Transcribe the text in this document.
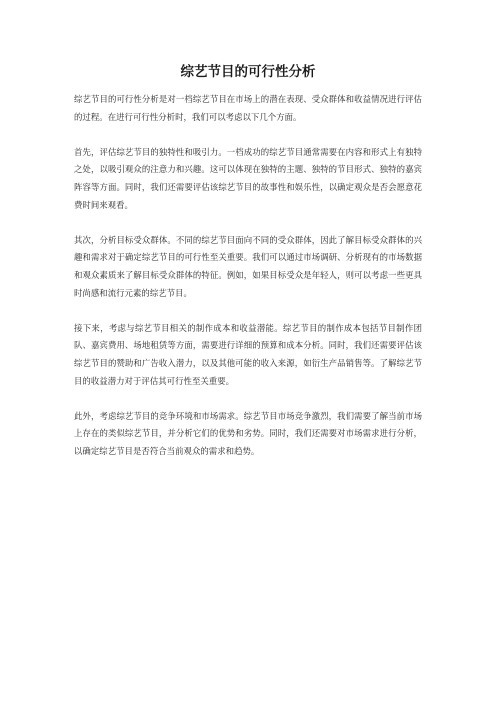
综艺节目的可行性分析

综艺节目的可行性分析是对一档综艺节目在市场上的潜在表现、受众群体和收益情况进行评估的过程。在进行可行性分析时，我们可以考虑以下几个方面。

首先，评估综艺节目的独特性和吸引力。一档成功的综艺节目通常需要在内容和形式上有独特之处，以吸引观众的注意力和兴趣。这可以体现在独特的主题、独特的节目形式、独特的嘉宾阵容等方面。同时，我们还需要评估该综艺节目的故事性和娱乐性，以确定观众是否会愿意花费时间来观看。

其次，分析目标受众群体。不同的综艺节目面向不同的受众群体，因此了解目标受众群体的兴趣和需求对于确定综艺节目的可行性至关重要。我们可以通过市场调研、分析现有的市场数据和观众素质来了解目标受众群体的特征。例如，如果目标受众是年轻人，则可以考虑一些更具时尚感和流行元素的综艺节目。

接下来，考虑与综艺节目相关的制作成本和收益潜能。综艺节目的制作成本包括节目制作团队、嘉宾费用、场地租赁等方面，需要进行详细的预算和成本分析。同时，我们还需要评估该综艺节目的赞助和广告收入潜力，以及其他可能的收入来源，如衍生产品销售等。了解综艺节目的收益潜力对于评估其可行性至关重要。

此外，考虑综艺节目的竞争环境和市场需求。综艺节目市场竞争激烈，我们需要了解当前市场上存在的类似综艺节目，并分析它们的优势和劣势。同时，我们还需要对市场需求进行分析，以确定综艺节目是否符合当前观众的需求和趋势。
